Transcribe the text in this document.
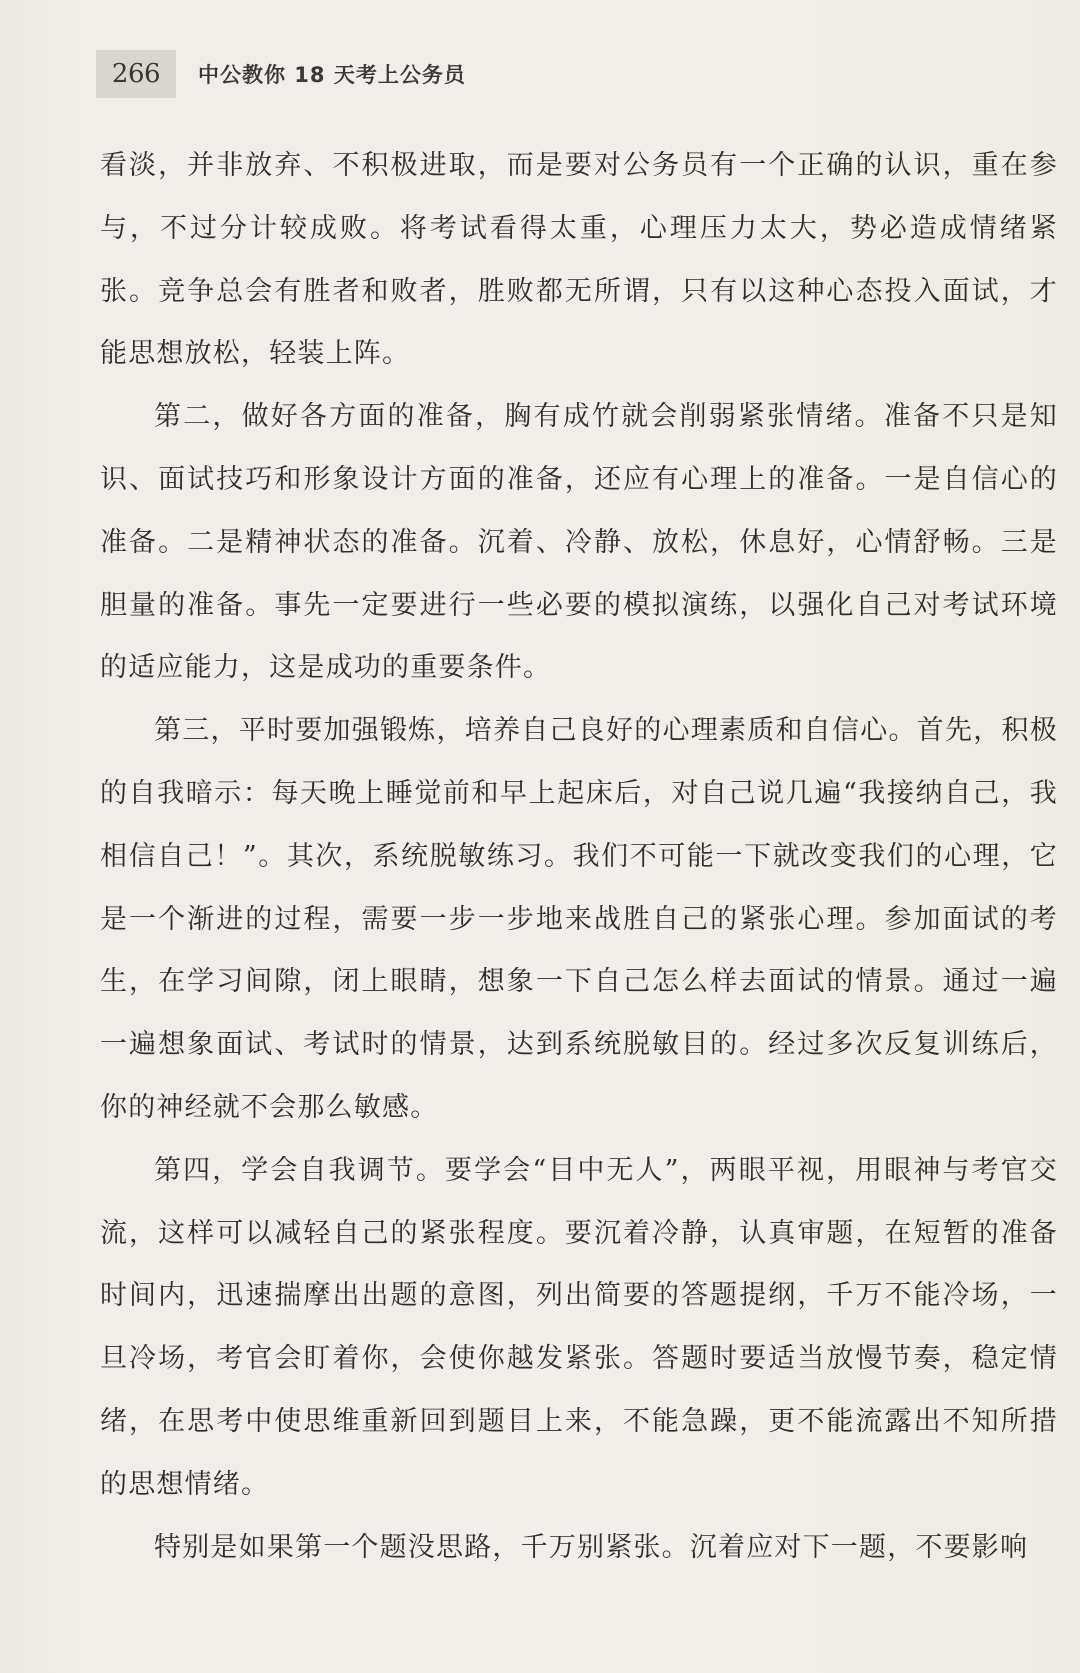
266	中公教你 18 天考上公务员

看淡，并非放弃、不积极进取，而是要对公务员有一个正确的认识，重在参与，不过分计较成败。将考试看得太重，心理压力太大，势必造成情绪紧张。竞争总会有胜者和败者，胜败都无所谓，只有以这种心态投入面试，才能思想放松，轻装上阵。

第二，做好各方面的准备，胸有成竹就会削弱紧张情绪。准备不只是知识、面试技巧和形象设计方面的准备，还应有心理上的准备。一是自信心的准备。二是精神状态的准备。沉着、冷静、放松，休息好，心情舒畅。三是胆量的准备。事先一定要进行一些必要的模拟演练，以强化自己对考试环境的适应能力，这是成功的重要条件。

第三，平时要加强锻炼，培养自己良好的心理素质和自信心。首先，积极的自我暗示：每天晚上睡觉前和早上起床后，对自己说几遍“我接纳自己，我相信自己！”。其次，系统脱敏练习。我们不可能一下就改变我们的心理，它是一个渐进的过程，需要一步一步地来战胜自己的紧张心理。参加面试的考生，在学习间隙，闭上眼睛，想象一下自己怎么样去面试的情景。通过一遍一遍想象面试、考试时的情景，达到系统脱敏目的。经过多次反复训练后，你的神经就不会那么敏感。

第四，学会自我调节。要学会“目中无人”，两眼平视，用眼神与考官交流，这样可以减轻自己的紧张程度。要沉着冷静，认真审题，在短暂的准备时间内，迅速揣摩出出题的意图，列出简要的答题提纲，千万不能冷场，一旦冷场，考官会盯着你，会使你越发紧张。答题时要适当放慢节奏，稳定情绪，在思考中使思维重新回到题目上来，不能急躁，更不能流露出不知所措的思想情绪。

特别是如果第一个题没思路，千万别紧张。沉着应对下一题，不要影响
